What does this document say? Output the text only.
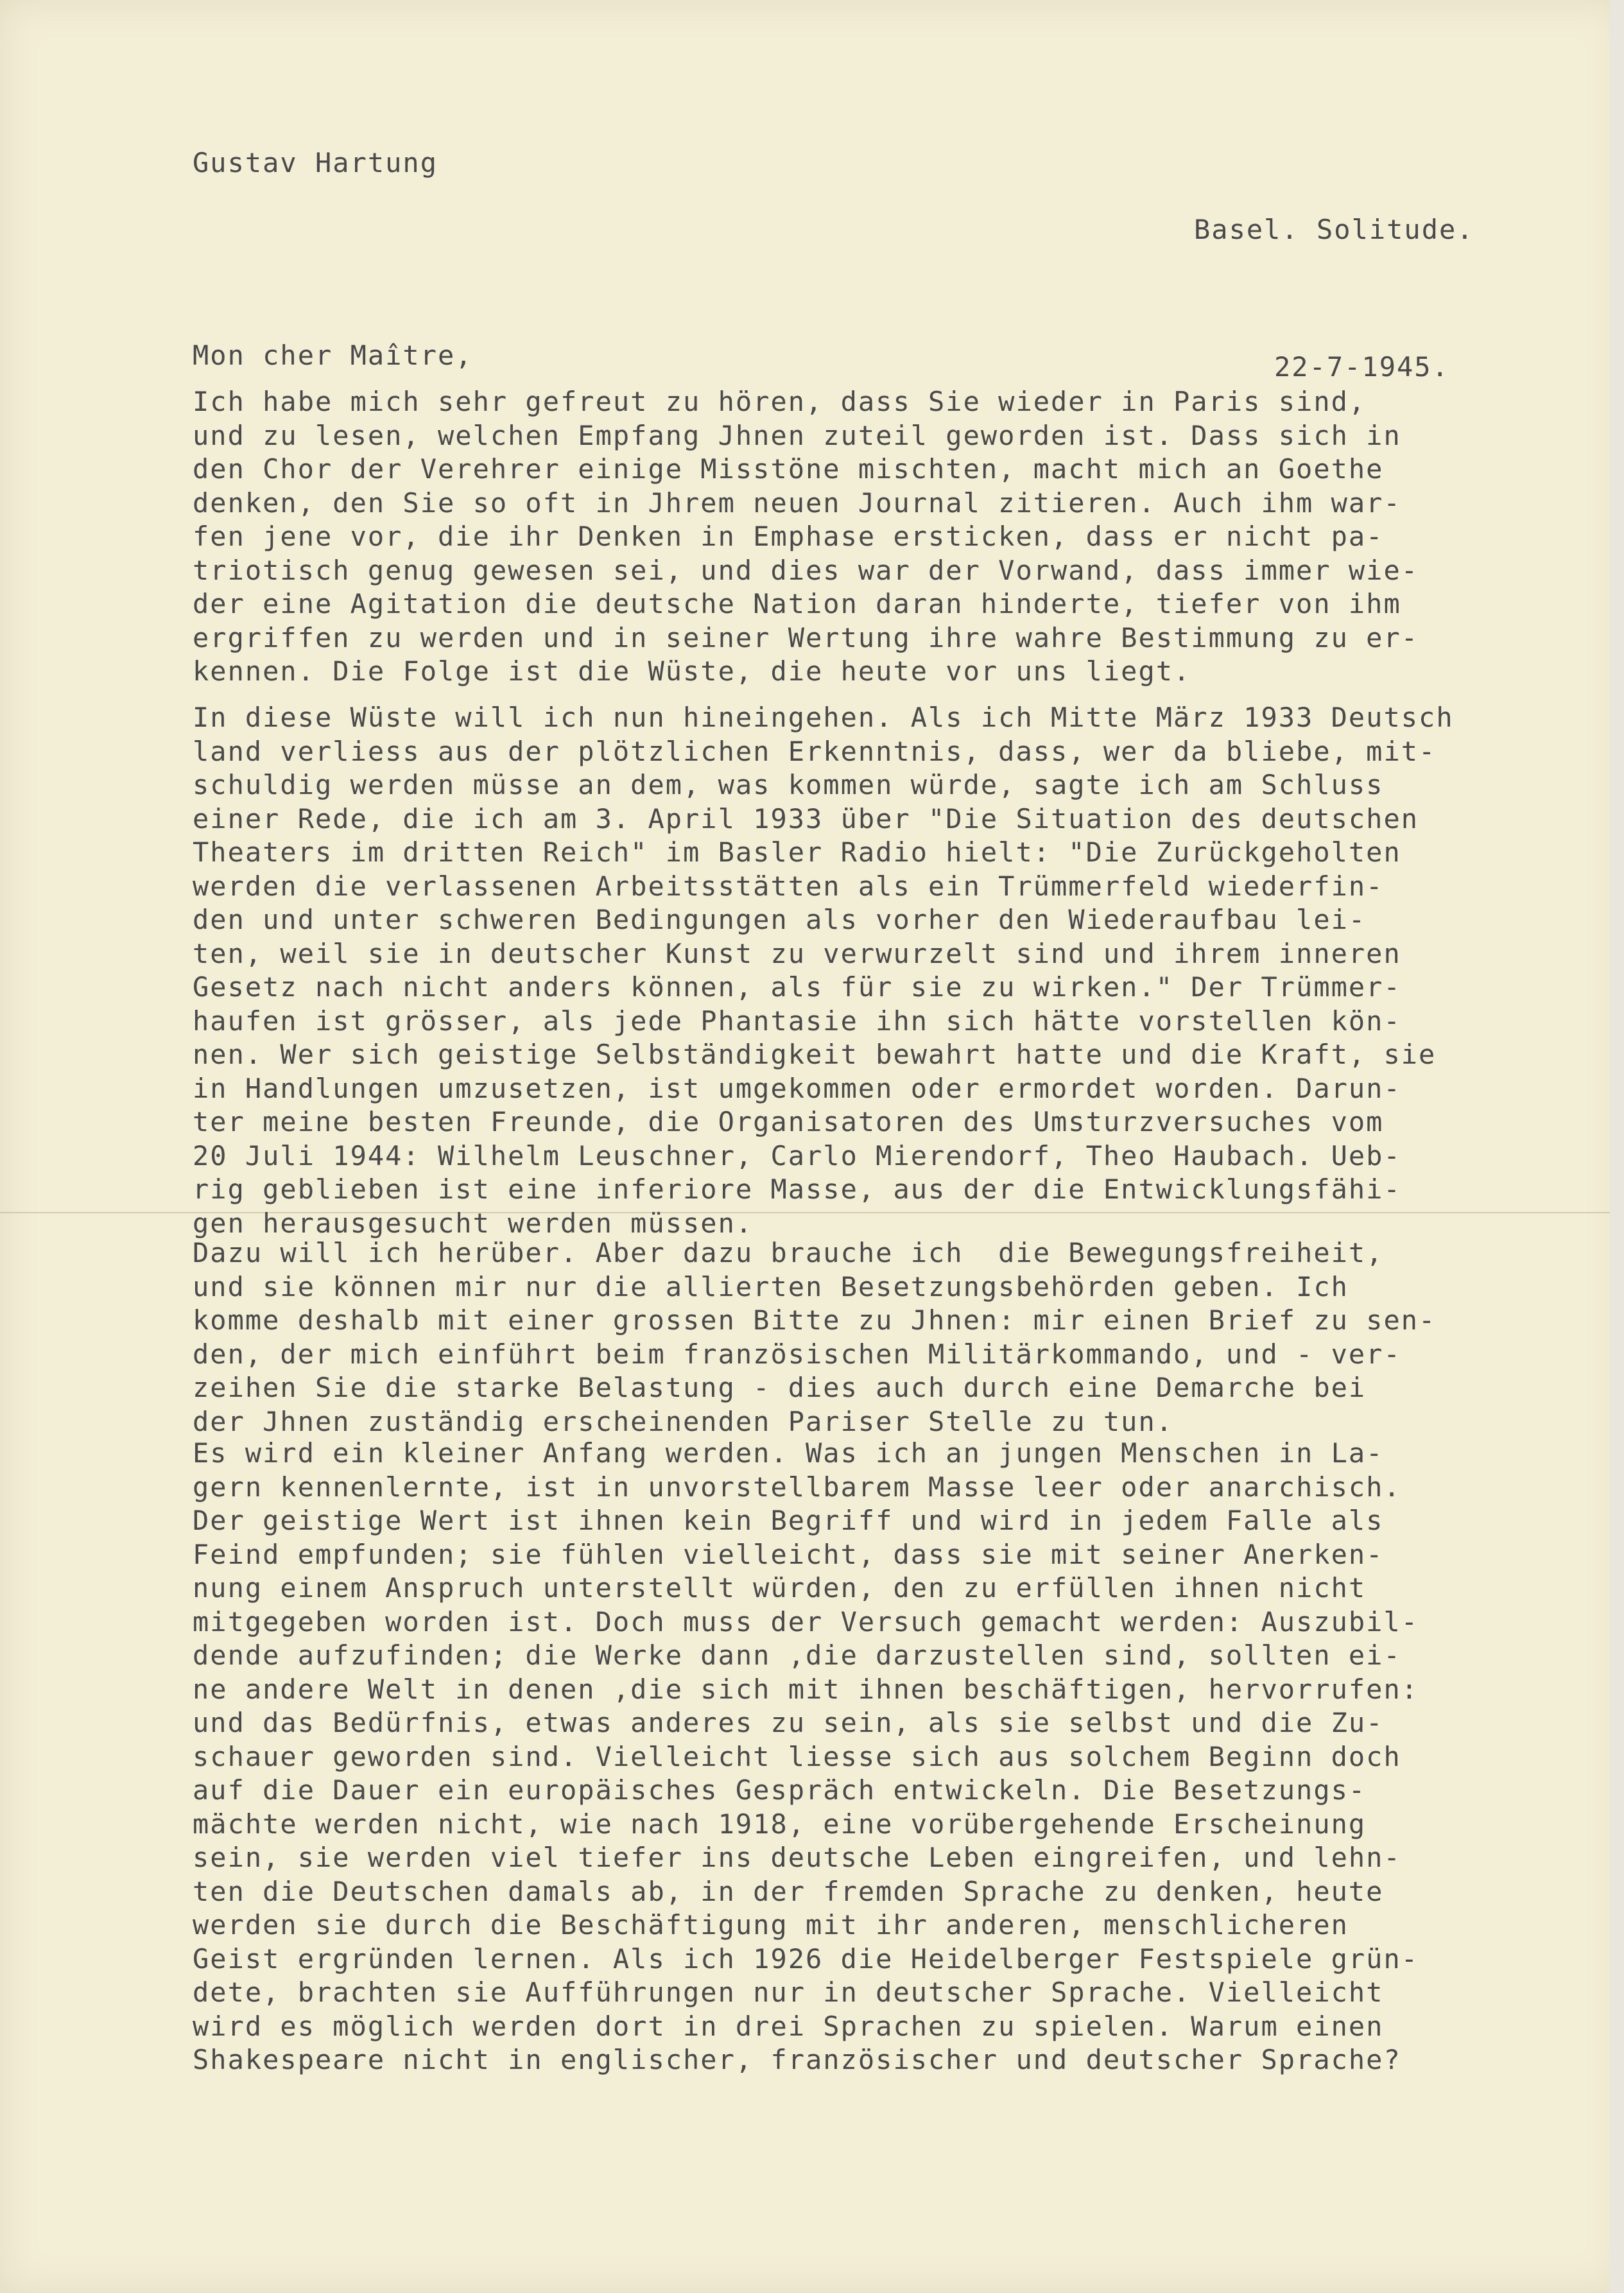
Gustav Hartung

Basel. Solitude.

22-7-1945.

Mon cher Maître,
Ich habe mich sehr gefreut zu hören, dass Sie wieder in Paris sind,
und zu lesen, welchen Empfang Jhnen zuteil geworden ist. Dass sich in
den Chor der Verehrer einige Misstöne mischten, macht mich an Goethe
denken, den Sie so oft in Jhrem neuen Journal zitieren. Auch ihm war-
fen jene vor, die ihr Denken in Emphase ersticken, dass er nicht pa-
triotisch genug gewesen sei, und dies war der Vorwand, dass immer wie-
der eine Agitation die deutsche Nation daran hinderte, tiefer von ihm
ergriffen zu werden und in seiner Wertung ihre wahre Bestimmung zu er-
kennen. Die Folge ist die Wüste, die heute vor uns liegt.
In diese Wüste will ich nun hineingehen. Als ich Mitte März 1933 Deutsch
land verliess aus der plötzlichen Erkenntnis, dass, wer da bliebe, mit-
schuldig werden müsse an dem, was kommen würde, sagte ich am Schluss
einer Rede, die ich am 3. April 1933 über "Die Situation des deutschen
Theaters im dritten Reich" im Basler Radio hielt: "Die Zurückgeholten
werden die verlassenen Arbeitsstätten als ein Trümmerfeld wiederfin-
den und unter schweren Bedingungen als vorher den Wiederaufbau lei-
ten, weil sie in deutscher Kunst zu verwurzelt sind und ihrem inneren
Gesetz nach nicht anders können, als für sie zu wirken." Der Trümmer-
haufen ist grösser, als jede Phantasie ihn sich hätte vorstellen kön-
nen. Wer sich geistige Selbständigkeit bewahrt hatte und die Kraft, sie
in Handlungen umzusetzen, ist umgekommen oder ermordet worden. Darun-
ter meine besten Freunde, die Organisatoren des Umsturzversuches vom
20 Juli 1944: Wilhelm Leuschner, Carlo Mierendorf, Theo Haubach. Ueb-
rig geblieben ist eine inferiore Masse, aus der die Entwicklungsfähi-
gen herausgesucht werden müssen.
Dazu will ich herüber. Aber dazu brauche ich  die Bewegungsfreiheit,
und sie können mir nur die allierten Besetzungsbehörden geben. Ich
komme deshalb mit einer grossen Bitte zu Jhnen: mir einen Brief zu sen-
den, der mich einführt beim französischen Militärkommando, und - ver-
zeihen Sie die starke Belastung - dies auch durch eine Demarche bei
der Jhnen zuständig erscheinenden Pariser Stelle zu tun.
Es wird ein kleiner Anfang werden. Was ich an jungen Menschen in La-
gern kennenlernte, ist in unvorstellbarem Masse leer oder anarchisch.
Der geistige Wert ist ihnen kein Begriff und wird in jedem Falle als
Feind empfunden; sie fühlen vielleicht, dass sie mit seiner Anerken-
nung einem Anspruch unterstellt würden, den zu erfüllen ihnen nicht
mitgegeben worden ist. Doch muss der Versuch gemacht werden: Auszubil-
dende aufzufinden; die Werke dann ,die darzustellen sind, sollten ei-
ne andere Welt in denen ,die sich mit ihnen beschäftigen, hervorrufen:
und das Bedürfnis, etwas anderes zu sein, als sie selbst und die Zu-
schauer geworden sind. Vielleicht liesse sich aus solchem Beginn doch
auf die Dauer ein europäisches Gespräch entwickeln. Die Besetzungs-
mächte werden nicht, wie nach 1918, eine vorübergehende Erscheinung
sein, sie werden viel tiefer ins deutsche Leben eingreifen, und lehn-
ten die Deutschen damals ab, in der fremden Sprache zu denken, heute
werden sie durch die Beschäftigung mit ihr anderen, menschlicheren
Geist ergründen lernen. Als ich 1926 die Heidelberger Festspiele grün-
dete, brachten sie Aufführungen nur in deutscher Sprache. Vielleicht
wird es möglich werden dort in drei Sprachen zu spielen. Warum einen
Shakespeare nicht in englischer, französischer und deutscher Sprache?
